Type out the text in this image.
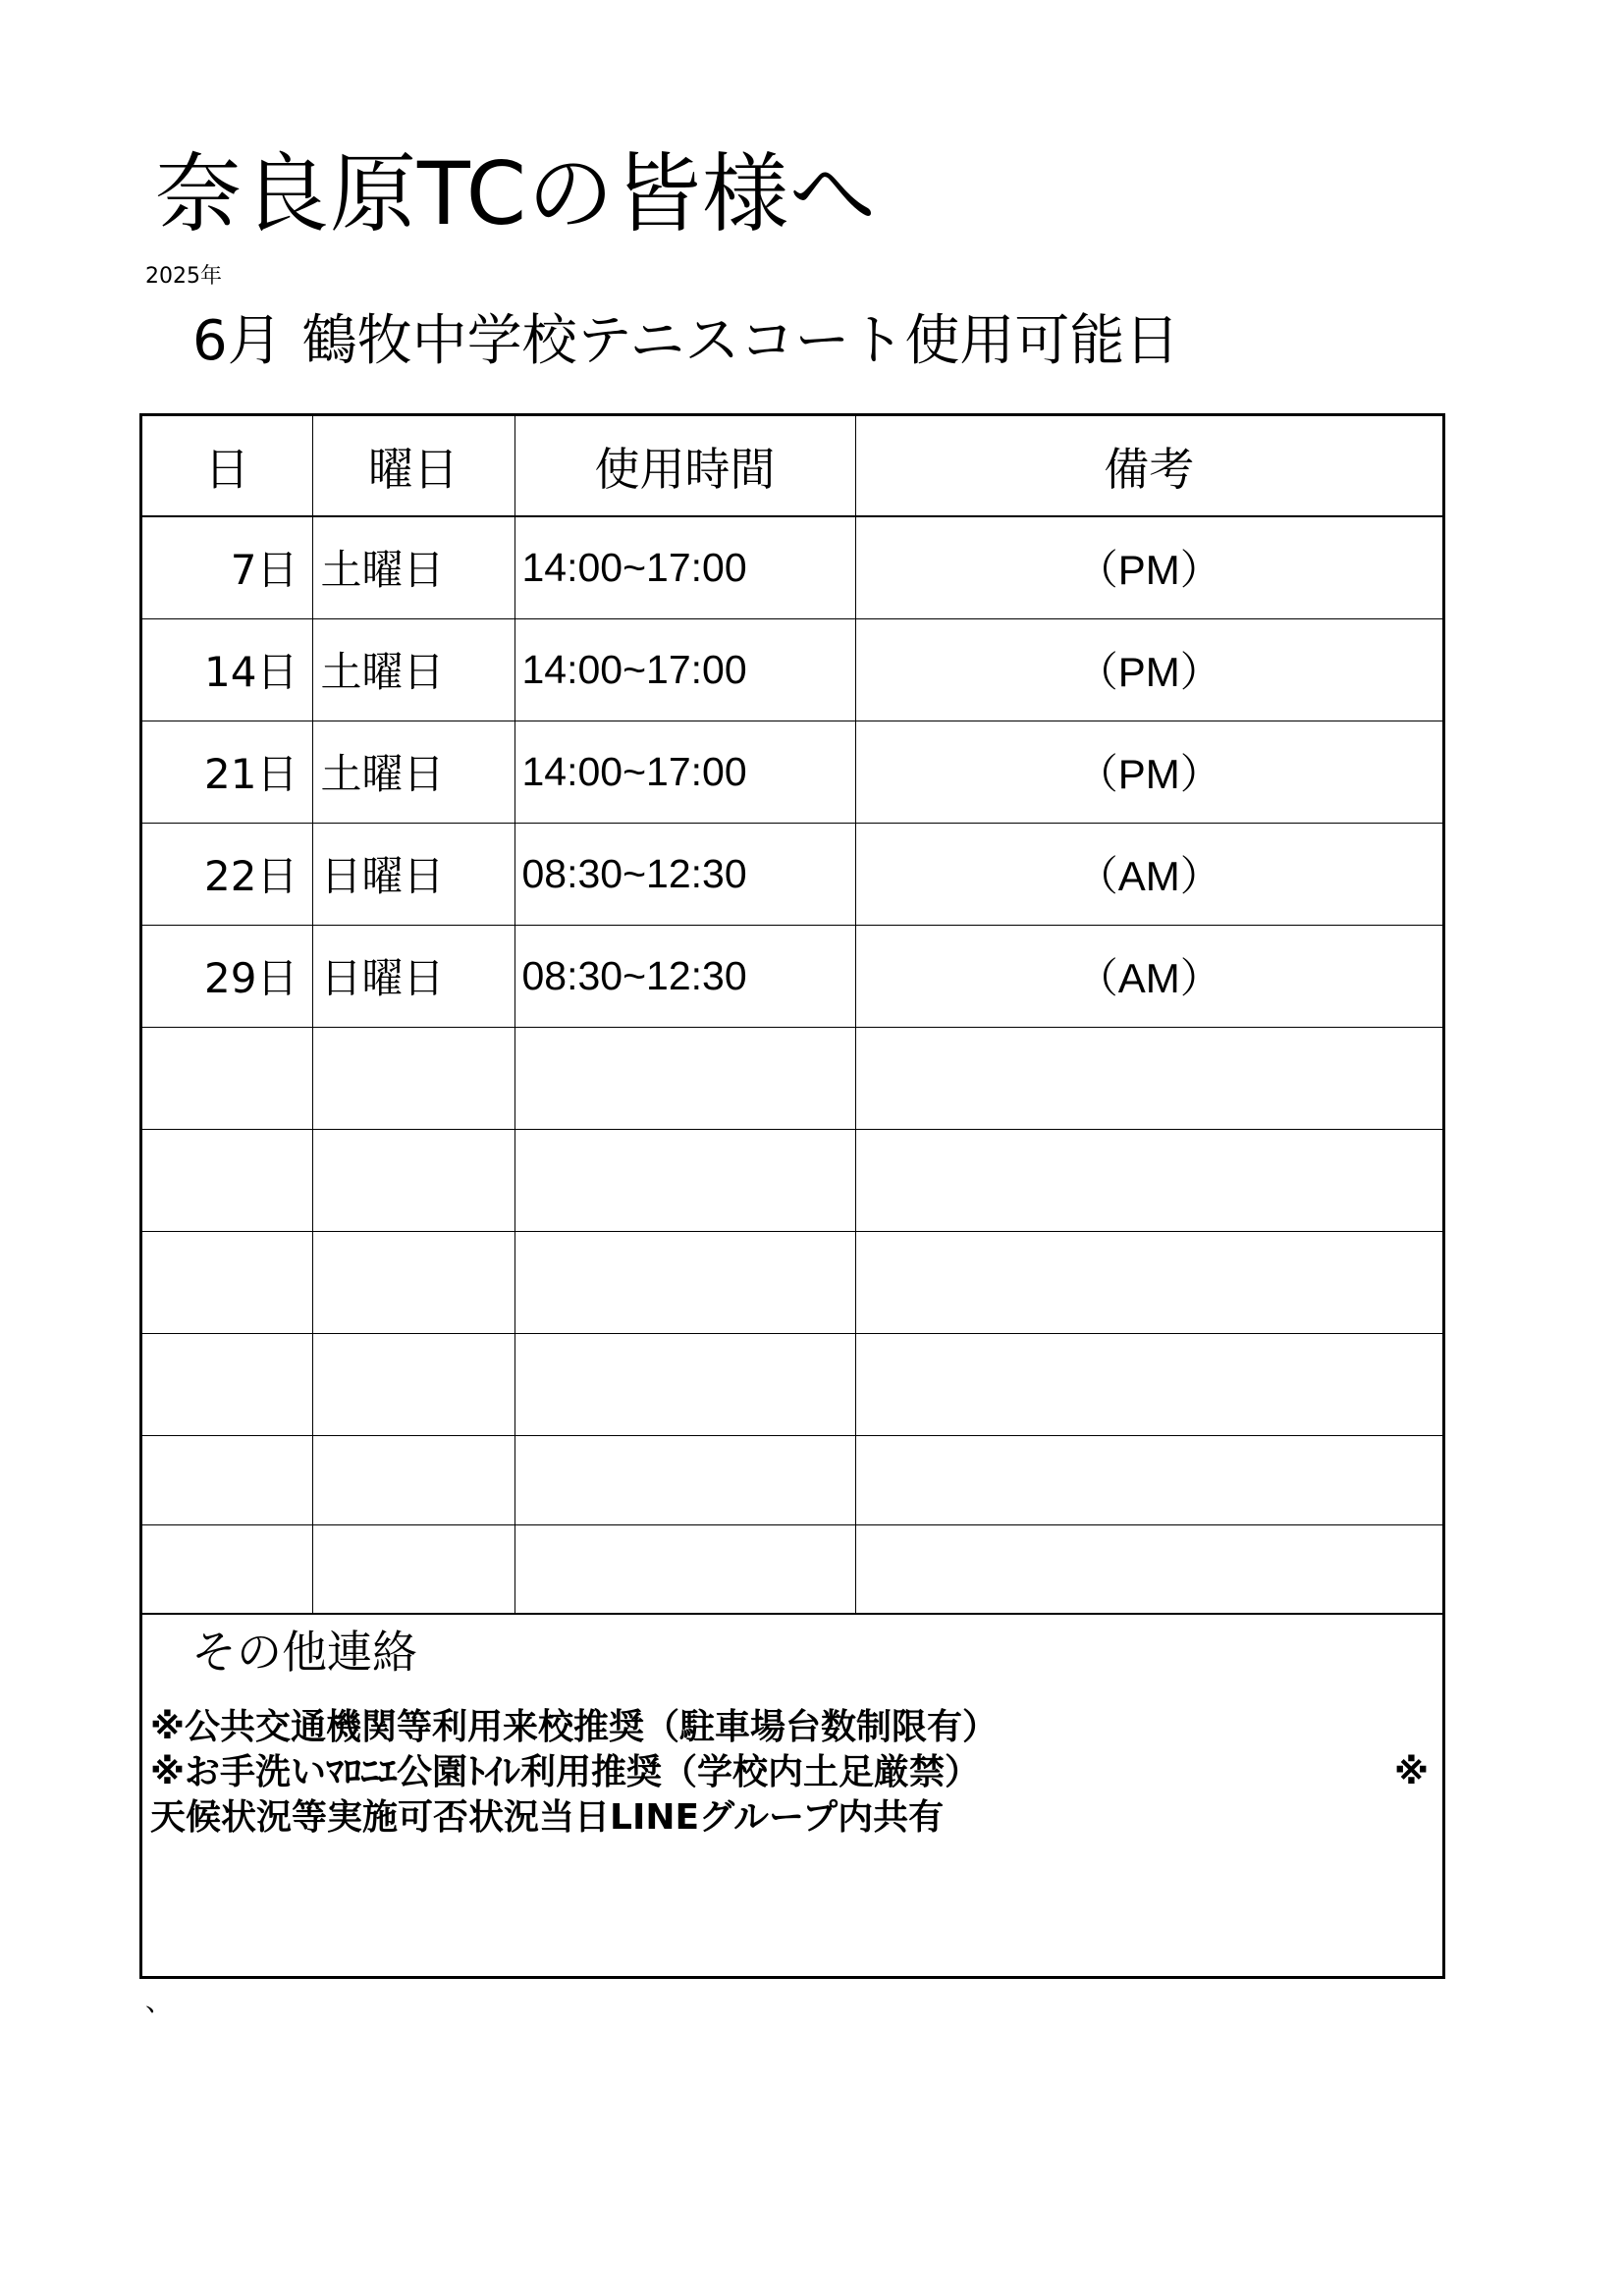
奈良原TCの皆様へ
2025年
6月 鶴牧中学校テニスコート使用可能日
日	曜日	使用時間	備考
7日	土曜日	14:00~17:00	（PM）
14日	土曜日	14:00~17:00	（PM）
21日	土曜日	14:00~17:00	（PM）
22日	日曜日	08:30~12:30	（AM）
29日	日曜日	08:30~12:30	（AM）

その他連絡
※公共交通機関等利用来校推奨（駐車場台数制限有）
※お手洗いﾏﾛﾆｴ公園ﾄｲﾚ利用推奨（学校内土足厳禁）	※
天候状況等実施可否状況当日LINEグループ内共有
、
